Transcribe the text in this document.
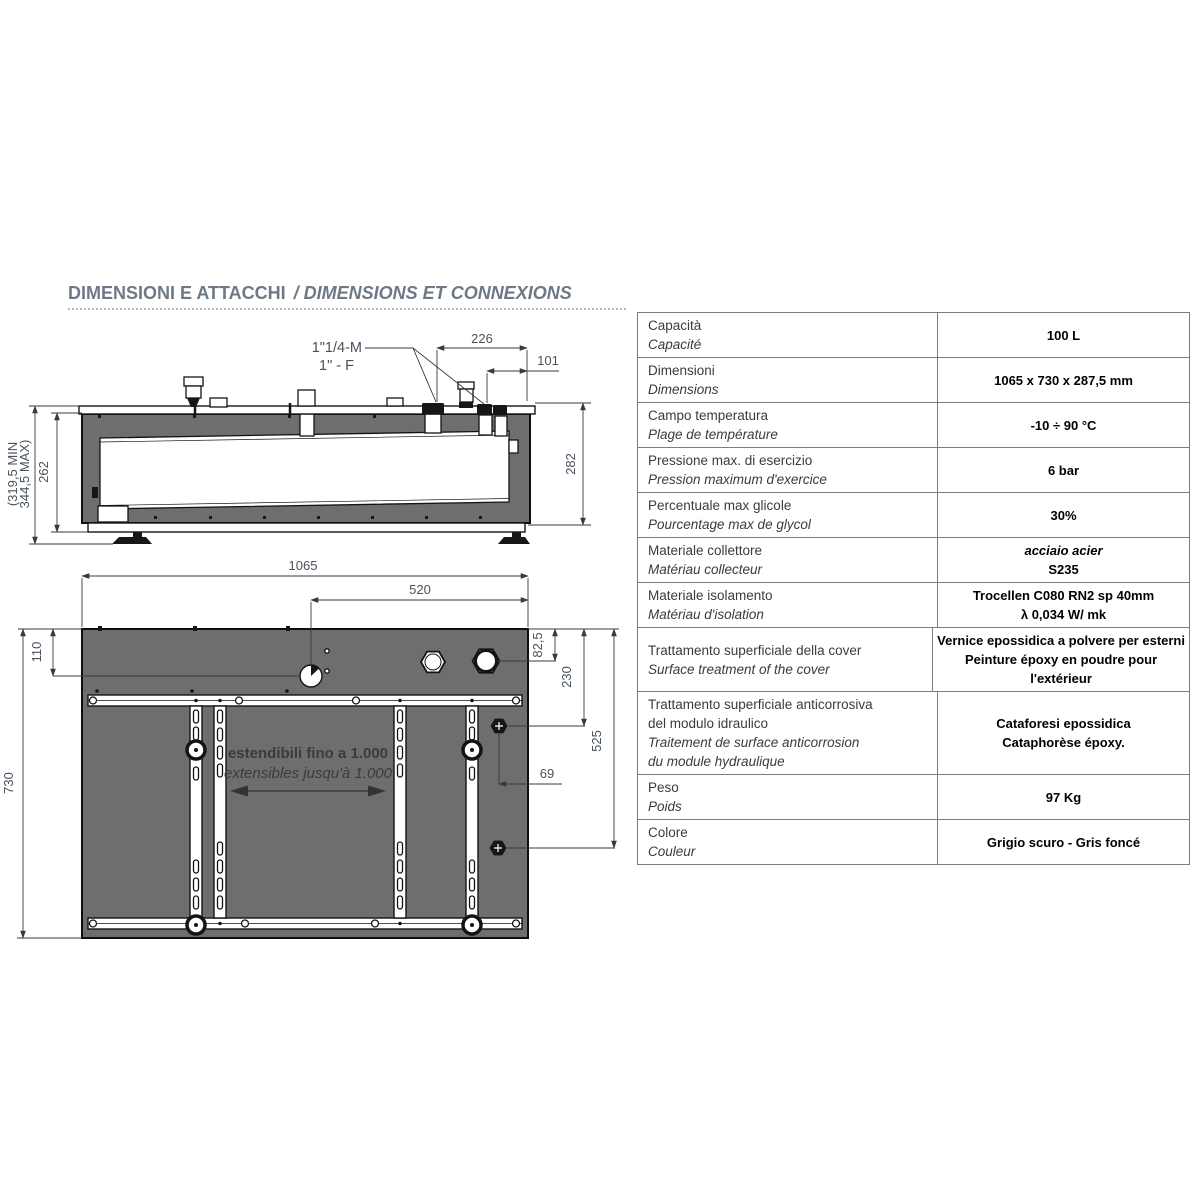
DIMENSIONI E ATTACCHI / DIMENSIONS ET CONNEXIONS
226
101
1"1/4-M
1" - F
282
262
(319,5 MIN
344,5 MAX)
estendibili fino a 1.000
extensibles jusqu'à 1.000
1065
520
110
730
82,5
230
525
69
Capacità
Capacité
100 L
Dimensioni
Dimensions
1065 x 730 x 287,5 mm
Campo temperatura
Plage de température
-10 ÷ 90 °C
Pressione max. di esercizio
Pression maximum d'exercice
6 bar
Percentuale max glicole
Pourcentage max de glycol
30%
Materiale collettore
Matériau collecteur
acciaio acier
S235
Materiale isolamento
Matériau d'isolation
Trocellen C080 RN2 sp 40mm
λ 0,034 W/ mk
Trattamento superficiale della cover
Surface treatment of the cover
Vernice epossidica a polvere per esterni
Peinture époxy en poudre pour
l'extérieur
Trattamento superficiale anticorrosiva
del modulo idraulico
Traitement de surface anticorrosion
du module hydraulique
Cataforesi epossidica
Cataphorèse époxy.
Peso
Poids
97 Kg
Colore
Couleur
Grigio scuro - Gris foncé
